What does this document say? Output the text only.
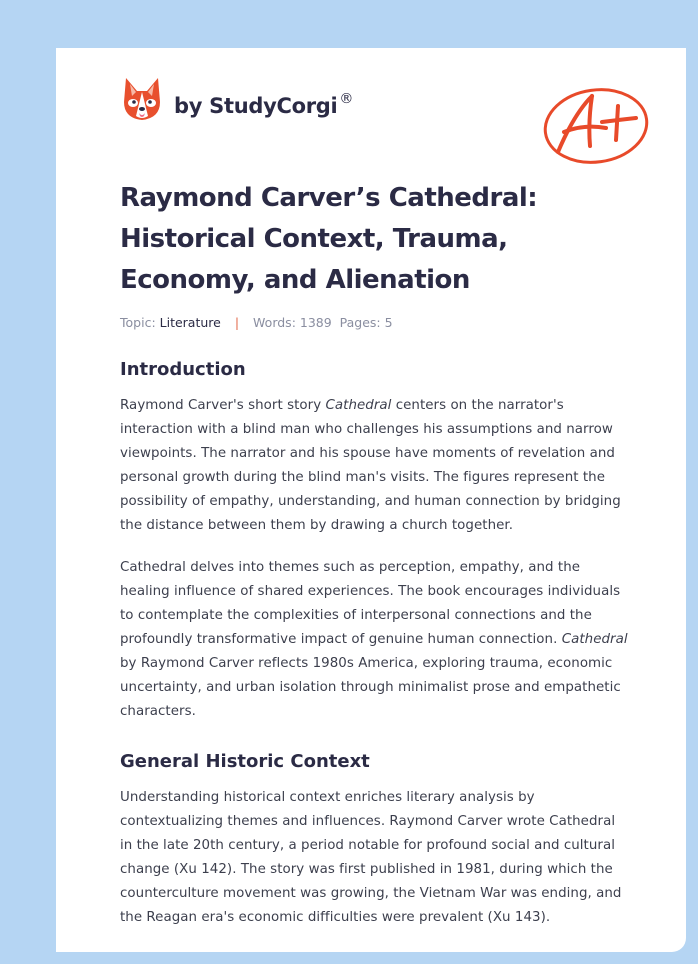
by StudyCorgi ®
A+
Raymond Carver’s Cathedral: Historical Context, Trauma, Economy, and Alienation
Topic: Literature | Words: 1389 Pages: 5
Introduction

Raymond Carver's short story Cathedral centers on the narrator's interaction with a blind man who challenges his assumptions and narrow viewpoints. The narrator and his spouse have moments of revelation and personal growth during the blind man's visits. The figures represent the possibility of empathy, understanding, and human connection by bridging the distance between them by drawing a church together.

Cathedral delves into themes such as perception, empathy, and the healing influence of shared experiences. The book encourages individuals to contemplate the complexities of interpersonal connections and the profoundly transformative impact of genuine human connection. Cathedral by Raymond Carver reflects 1980s America, exploring trauma, economic uncertainty, and urban isolation through minimalist prose and empathetic characters.

General Historic Context

Understanding historical context enriches literary analysis by contextualizing themes and influences. Raymond Carver wrote Cathedral in the late 20th century, a period notable for profound social and cultural change (Xu 142). The story was first published in 1981, during which the counterculture movement was growing, the Vietnam War was ending, and the Reagan era's economic difficulties were prevalent (Xu 143).
